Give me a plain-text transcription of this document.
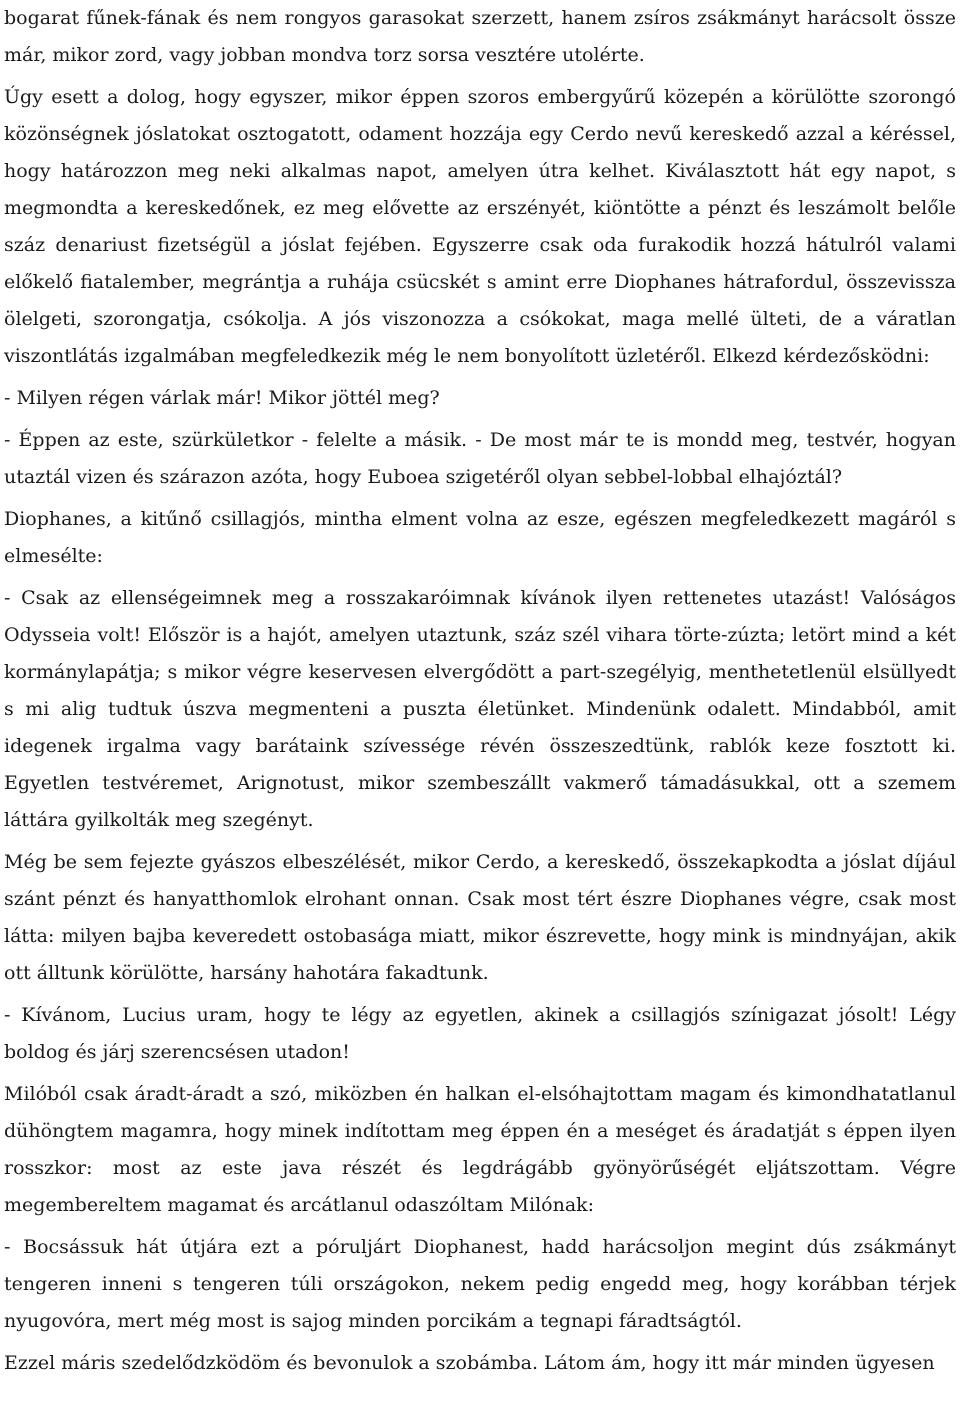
bogarat fűnek-fának és nem rongyos garasokat szerzett, hanem zsíros zsákmányt harácsolt össze már, mikor zord, vagy jobban mondva torz sorsa vesztére utolérte.

Úgy esett a dolog, hogy egyszer, mikor éppen szoros embergyűrű közepén a körülötte szorongó közönségnek jóslatokat osztogatott, odament hozzája egy Cerdo nevű kereskedő azzal a kéréssel, hogy határozzon meg neki alkalmas napot, amelyen útra kelhet. Kiválasztott hát egy napot, s megmondta a kereskedőnek, ez meg elővette az erszényét, kiöntötte a pénzt és leszámolt belőle száz denariust fizetségül a jóslat fejében. Egyszerre csak oda furakodik hozzá hátulról valami előkelő fiatalember, megrántja a ruhája csücskét s amint erre Diophanes hátrafordul, összevissza ölelgeti, szorongatja, csókolja. A jós viszonozza a csókokat, maga mellé ülteti, de a váratlan viszontlátás izgalmában megfeledkezik még le nem bonyolított üzletéről. Elkezd kérdezősködni:

- Milyen régen várlak már! Mikor jöttél meg?

- Éppen az este, szürkületkor - felelte a másik. - De most már te is mondd meg, testvér, hogyan utaztál vizen és szárazon azóta, hogy Euboea szigetéről olyan sebbel-lobbal elhajóztál?

Diophanes, a kitűnő csillagjós, mintha elment volna az esze, egészen megfeledkezett magáról s elmesélte:

- Csak az ellenségeimnek meg a rosszakaróimnak kívánok ilyen rettenetes utazást! Valóságos Odysseia volt! Először is a hajót, amelyen utaztunk, száz szél vihara törte-zúzta; letört mind a két kormánylapátja; s mikor végre keservesen elvergődött a part-szegélyig, menthetetlenül elsüllyedt s mi alig tudtuk úszva megmenteni a puszta életünket. Mindenünk odalett. Mindabból, amit idegenek irgalma vagy barátaink szívessége révén összeszedtünk, rablók keze fosztott ki. Egyetlen testvéremet, Arignotust, mikor szembeszállt vakmerő támadásukkal, ott a szemem láttára gyilkolták meg szegényt.

Még be sem fejezte gyászos elbeszélését, mikor Cerdo, a kereskedő, összekapkodta a jóslat díjául szánt pénzt és hanyatthomlok elrohant onnan. Csak most tért észre Diophanes végre, csak most látta: milyen bajba keveredett ostobasága miatt, mikor észrevette, hogy mink is mindnyájan, akik ott álltunk körülötte, harsány hahotára fakadtunk.

- Kívánom, Lucius uram, hogy te légy az egyetlen, akinek a csillagjós színigazat jósolt! Légy boldog és járj szerencsésen utadon!

Milóból csak áradt-áradt a szó, miközben én halkan el-elsóhajtottam magam és kimondhatatlanul dühöngtem magamra, hogy minek indítottam meg éppen én a meséget és áradatját s éppen ilyen rosszkor: most az este java részét és legdrágább gyönyörűségét eljátszottam. Végre megembereltem magamat és arcátlanul odaszóltam Milónak:

- Bocsássuk hát útjára ezt a póruljárt Diophanest, hadd harácsoljon megint dús zsákmányt tengeren inneni s tengeren túli országokon, nekem pedig engedd meg, hogy korábban térjek nyugovóra, mert még most is sajog minden porcikám a tegnapi fáradtságtól.

Ezzel máris szedelődzködöm és bevonulok a szobámba. Látom ám, hogy itt már minden ügyesen
